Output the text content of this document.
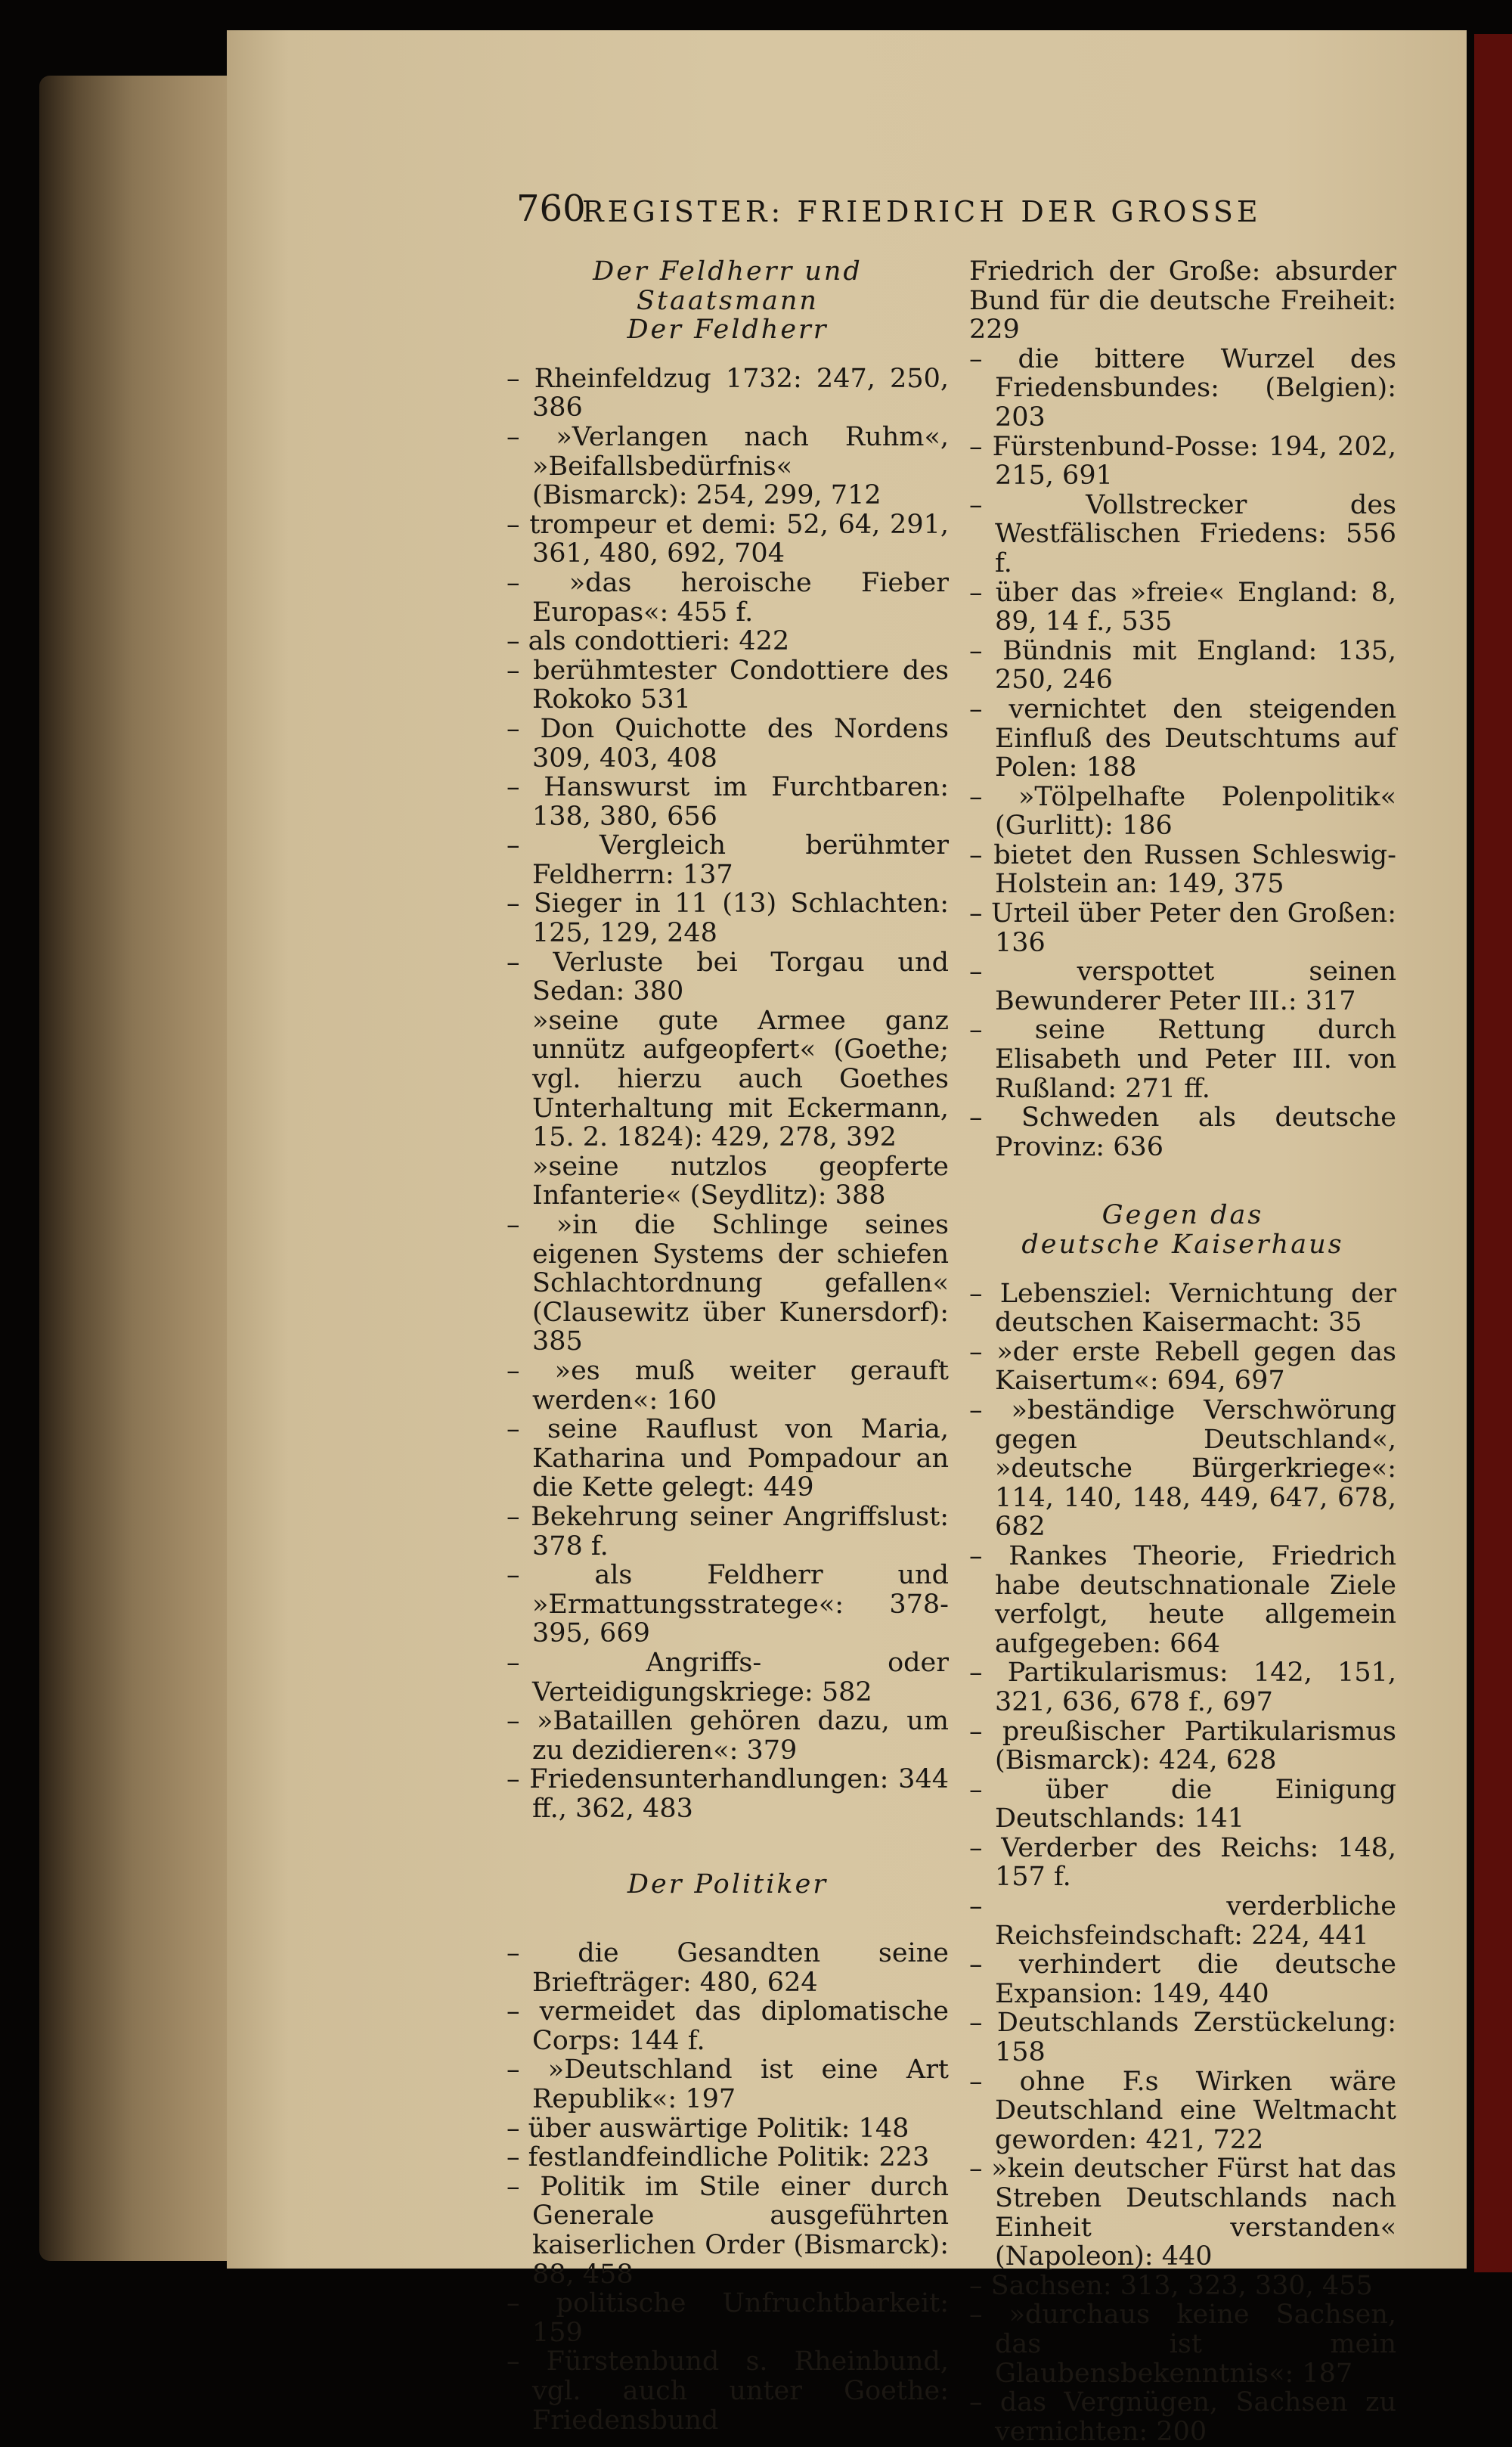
760
REGISTER: FRIEDRICH DER GROSSE
Der Feldherr und Staatsmann
Der Feldherr
– Rheinfeldzug 1732: 247, 250, 386
– »Verlangen nach Ruhm«, »Beifallsbedürfnis« (Bismarck): 254, 299, 712
– trompeur et demi: 52, 64, 291, 361, 480, 692, 704
– »das heroische Fieber Europas«: 455 f.
– als condottieri: 422
– berühmtester Condottiere des Rokoko 531
– Don Quichotte des Nordens 309, 403, 408
– Hanswurst im Furchtbaren: 138, 380, 656
– Vergleich berühmter Feldherrn: 137
– Sieger in 11 (13) Schlachten: 125, 129, 248
– Verluste bei Torgau und Sedan: 380
»seine gute Armee ganz unnütz aufgeopfert« (Goethe; vgl. hierzu auch Goethes Unterhaltung mit Eckermann, 15. 2. 1824): 429, 278, 392
»seine nutzlos geopferte Infanterie« (Seydlitz): 388
– »in die Schlinge seines eigenen Systems der schiefen Schlachtordnung gefallen« (Clausewitz über Kunersdorf): 385
– »es muß weiter gerauft werden«: 160
– seine Rauflust von Maria, Katharina und Pompadour an die Kette gelegt: 449
– Bekehrung seiner Angriffslust: 378 f.
– als Feldherr und »Ermattungsstratege«: 378-395, 669
– Angriffs- oder Verteidigungskriege: 582
– »Bataillen gehören dazu, um zu dezidieren«: 379
– Friedensunterhandlungen: 344 ff., 362, 483
Der Politiker
– die Gesandten seine Briefträger: 480, 624
– vermeidet das diplomatische Corps: 144 f.
– »Deutschland ist eine Art Republik«: 197
– über auswärtige Politik: 148
– festlandfeindliche Politik: 223
– Politik im Stile einer durch Generale ausgeführten kaiserlichen Order (Bismarck): 88, 458
– politische Unfruchtbarkeit: 159
– Fürstenbund s. Rheinbund, vgl. auch unter Goethe: Friedensbund
Friedrich der Große: absurder Bund für die deutsche Freiheit: 229
– die bittere Wurzel des Friedensbundes: (Belgien): 203
– Fürstenbund-Posse: 194, 202, 215, 691
– Vollstrecker des Westfälischen Friedens: 556 f.
– über das »freie« England: 8, 89, 14 f., 535
– Bündnis mit England: 135, 250, 246
– vernichtet den steigenden Einfluß des Deutschtums auf Polen: 188
– »Tölpelhafte Polenpolitik« (Gurlitt): 186
– bietet den Russen Schleswig-Holstein an: 149, 375
– Urteil über Peter den Großen: 136
– verspottet seinen Bewunderer Peter III.: 317
– seine Rettung durch Elisabeth und Peter III. von Rußland: 271 ff.
– Schweden als deutsche Provinz: 636
Gegen das
deutsche Kaiserhaus
– Lebensziel: Vernichtung der deutschen Kaisermacht: 35
– »der erste Rebell gegen das Kaisertum«: 694, 697
– »beständige Verschwörung gegen Deutschland«, »deutsche Bürgerkriege«: 114, 140, 148, 449, 647, 678, 682
– Rankes Theorie, Friedrich habe deutschnationale Ziele verfolgt, heute allgemein aufgegeben: 664
– Partikularismus: 142, 151, 321, 636, 678 f., 697
– preußischer Partikularismus (Bismarck): 424, 628
– über die Einigung Deutschlands: 141
– Verderber des Reichs: 148, 157 f.
– verderbliche Reichsfeindschaft: 224, 441
– verhindert die deutsche Expansion: 149, 440
– Deutschlands Zerstückelung: 158
– ohne F.s Wirken wäre Deutschland eine Weltmacht geworden: 421, 722
– »kein deutscher Fürst hat das Streben Deutschlands nach Einheit verstanden« (Napoleon): 440
– Sachsen: 313, 323, 330, 455
– »durchaus keine Sachsen, das ist mein Glaubensbekenntnis«: 187
– das Vergnügen, Sachsen zu vernichten: 200
